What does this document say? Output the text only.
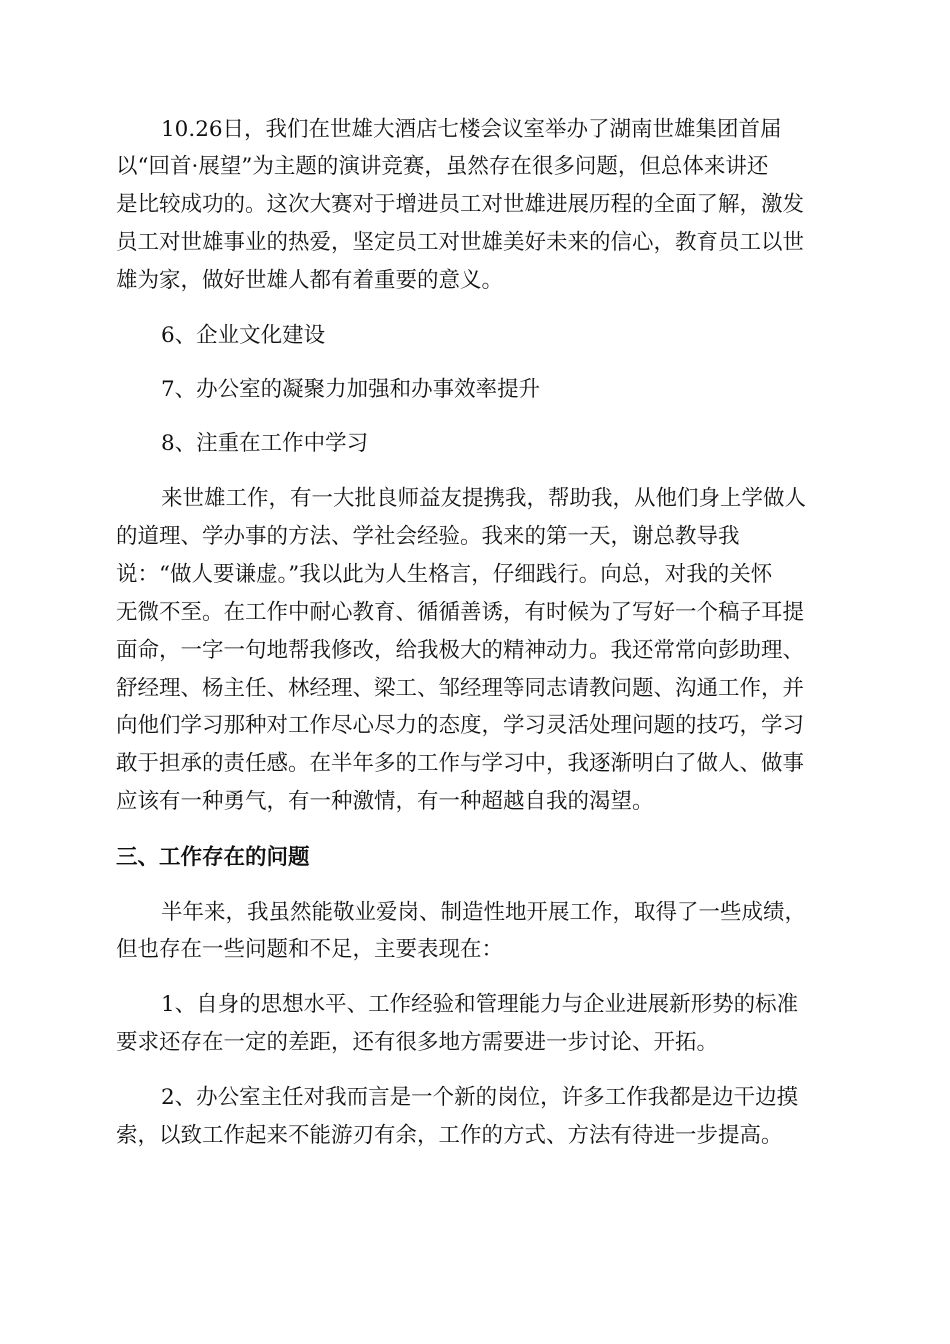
10.26日，我们在世雄大酒店七楼会议室举办了湖南世雄集团首届

以“回首·展望”为主题的演讲竞赛，虽然存在很多问题，但总体来讲还

是比较成功的。这次大赛对于增进员工对世雄进展历程的全面了解，激发

员工对世雄事业的热爱，坚定员工对世雄美好未来的信心，教育员工以世

雄为家，做好世雄人都有着重要的意义。

6、企业文化建设

7、办公室的凝聚力加强和办事效率提升

8、注重在工作中学习

来世雄工作，有一大批良师益友提携我，帮助我，从他们身上学做人

的道理、学办事的方法、学社会经验。我来的第一天，谢总教导我

说：“做人要谦虚。”我以此为人生格言，仔细践行。向总，对我的关怀

无微不至。在工作中耐心教育、循循善诱，有时候为了写好一个稿子耳提

面命，一字一句地帮我修改，给我极大的精神动力。我还常常向彭助理、

舒经理、杨主任、林经理、梁工、邹经理等同志请教问题、沟通工作，并

向他们学习那种对工作尽心尽力的态度，学习灵活处理问题的技巧，学习

敢于担承的责任感。在半年多的工作与学习中，我逐渐明白了做人、做事

应该有一种勇气，有一种激情，有一种超越自我的渴望。

三、工作存在的问题

半年来，我虽然能敬业爱岗、制造性地开展工作，取得了一些成绩，

但也存在一些问题和不足，主要表现在：

1、自身的思想水平、工作经验和管理能力与企业进展新形势的标准

要求还存在一定的差距，还有很多地方需要进一步讨论、开拓。

2、办公室主任对我而言是一个新的岗位，许多工作我都是边干边摸

索，以致工作起来不能游刃有余，工作的方式、方法有待进一步提高。
